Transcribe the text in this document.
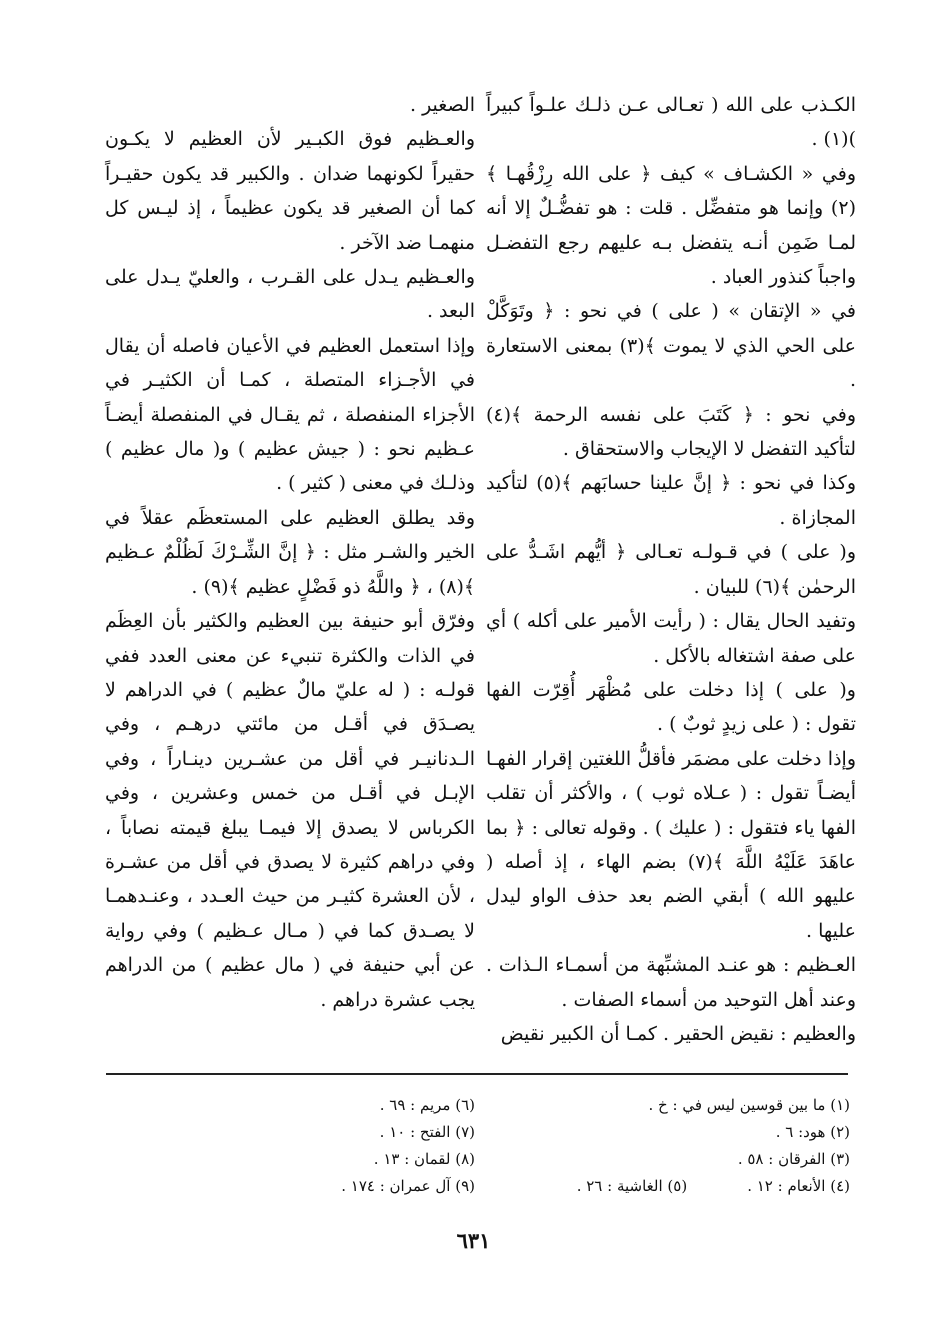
الكـذب على الله ( تعـالى عـن ذلـك علـواً كبيراً )(١) .

وفي « الكشـاف » كيف ﴿ على الله رِزْقُهـا ﴾(٢) وإنما هو متفضِّل . قلت : هو تفضُّـلٌ إلا أنه لمـا ضَمِن أنـه يتفضل بـه عليهم رجع التفضـل واجباً كنذور العباد .

في « الإتقان » ( على ) في نحو : ﴿ وتَوَكَّلْ على الحي الذي لا يموت ﴾(٣) بمعنى الاستعارة .

وفي نحو : ﴿ كَتَبَ على نفسه الرحمة ﴾(٤) لتأكيد التفضل لا الإيجاب والاستحقاق .

وكذا في نحو : ﴿ إنَّ علينا حسابَهم ﴾(٥) لتأكيد المجازاة .

و( على ) في قـولـه تعـالى ﴿ أيُّهم اشَـدُّ على الرحمٰن ﴾(٦) للبيان .

وتفيد الحال يقال : ( رأيت الأمير على أكله ) أي على صفة اشتغاله بالأكل .

و( على ) إذا دخلت على مُظْهَر أُقِرّت الفها تقول : ( على زيدٍ ثوبٌ ) .

وإذا دخلت على مضمَر فأقلُّ اللغتين إقرار الفهـا أيضـاً تقول : ( عـلاه ثوب ) ، والأكثر أن تقلب الفها ياء فتقول : ( عليك ) . وقوله تعالى : ﴿ بما عاهَدَ عَلَيْهُ اللَّهَ ﴾(٧) بضم الهاء ، إذ أصله ( عليهو الله ) أبقي الضم بعد حذف الواو ليدل عليها .

العـظيم : هو عنـد المشبِّهة من أسمـاء الـذات . وعند أهل التوحيد من أسماء الصفات .

والعظيم : نقيض الحقير . كمـا أن الكبير نقيض

الصغير .

والعـظيم فوق الكبـير لأن العظيم لا يكـون حقيراً لكونهما ضدان . والكبير قد يكون حقيـراً كما أن الصغير قد يكون عظيماً ، إذ ليـس كل منهمـا ضد الآخر .

والعـظيم يـدل على القـرب ، والعليّ يـدل على البعد .

وإذا استعمل العظيم في الأعيان فاصله أن يقال في الأجـزاء المتصلة ، كمـا أن الكثيـر في الأجزاء المنفصلة ، ثم يقـال في المنفصلة أيضـاً عـظيم نحو : ( جيش عظيم ) و( مال عظيم ) وذلـك في معنى ( كثير ) .

وقد يطلق العظيم على المستعظَم عقلاً في الخير والشـر مثل : ﴿ إنَّ الشِّـرْكَ لَظُلْمٌ عـظيم ﴾(٨) ، ﴿ واللَّهُ ذو فَضْلٍ عظيم ﴾(٩) .

وفرّق أبو حنيفة بين العظيم والكثير بأن العِظَم في الذات والكثرة تنبيء عن معنى العدد ففي قولـه : ( له عليّ مالٌ عظيم ) في الدراهم لا يصـدَق في أقـل من مائتي درهـم ، وفي الـدنانيـر في أقل من عشـرين دينـاراً ، وفي الإبـل في أقـل من خمس وعشرين ، وفي الكرباس لا يصدق إلا فيمـا يبلغ قيمته نصاباً ، وفي دراهم كثيرة لا يصدق في أقل من عشـرة ، لأن العشرة كثيـر من حيث العـدد ، وعنـدهمـا لا يصـدق كما في ( مـال عـظيم ) وفي رواية عن أبي حنيفة في ( مال عظيم ) من الدراهم يجب عشرة دراهم .

(١) ما بين قوسين ليس في : خ .
(٢) هود: ٦ .
(٣) الفرقان : ٥٨ .
(٤) الأنعام : ١٢ .(٥) الغاشية : ٢٦ .
(٦) مريم : ٦٩ .
(٧) الفتح : ١٠ .
(٨) لقمان : ١٣ .
(٩) آل عمران : ١٧٤ .
٦٣١
